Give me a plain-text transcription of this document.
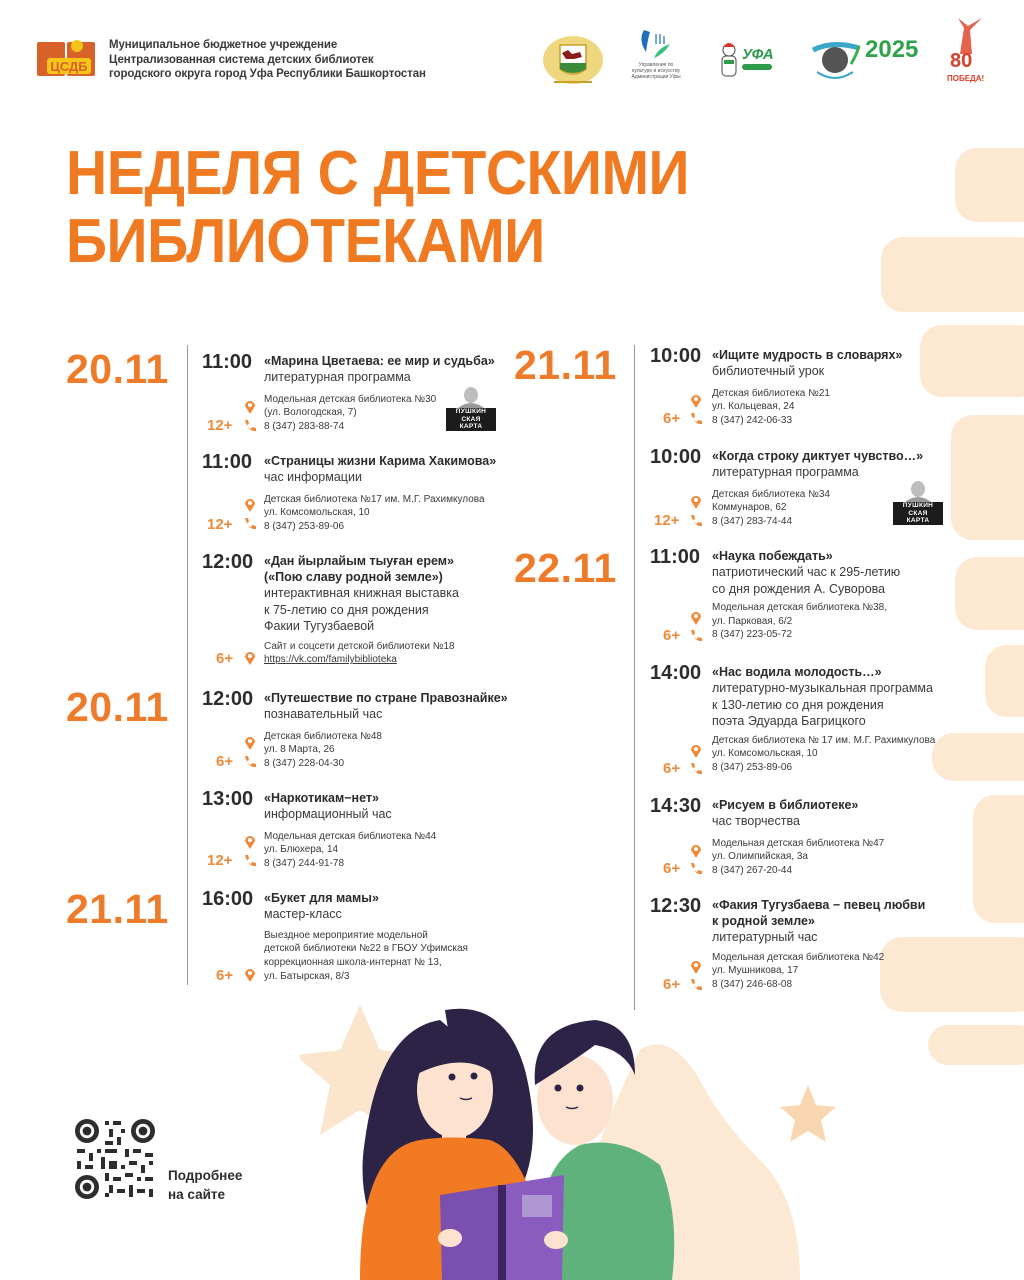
ЦСДБ
Муниципальное бюджетное учреждение
Централизованная система детских библиотек
городского округа город Уфа Республики Башкортостан
Управление по
культуре и искусству
Администрации Уфы
УФА	2025 80
ПОБЕДА!
НЕДЕЛЯ С ДЕТСКИМИ
БИБЛИОТЕКАМИ
20.11
20.11
21.11
11:00 «Марина Цветаева: ее мир и судьба»
литературная программа
Модельная детская библиотека №30
(ул. Вологодская, 7)
8 (347) 283-88-74
12+
11:00 «Страницы жизни Карима Хакимова»
час информации
Детская библиотека №17 им. М.Г. Рахимкулова
ул. Комсомольская, 10
8 (347) 253-89-06
12+
12:00 «Дан йырлайым тыуған ерем»
(«Пою славу родной земле»)
интерактивная книжная выставка
к 75-летию со дня рождения
Факии Тугузбаевой
Сайт и соцсети детской библиотеки №18
https://vk.com/familybiblioteka
6+
12:00 «Путешествие по стране Правознайке»
познавательный час
Детская библиотека №48
ул. 8 Марта, 26
8 (347) 228-04-30
6+
13:00 «Наркотикам−нет»
информационный час
Модельная детская библиотека №44
ул. Блюхера, 14
8 (347) 244-91-78
12+
16:00 «Букет для мамы»
мастер-класс
Выездное мероприятие модельной
детской библиотеки №22 в ГБОУ Уфимская
коррекционная школа-интернат № 13,
ул. Батырская, 8/3
6+
21.11
22.11
10:00 «Ищите мудрость в словарях»
библиотечный урок
Детская библиотека №21
ул. Кольцевая, 24
8 (347) 242-06-33
6+
10:00 «Когда строку диктует чувство…»
литературная программа
Детская библиотека №34
Коммунаров, 62
8 (347) 283-74-44
12+
11:00 «Наука побеждать»
патриотический час к 295-летию
со дня рождения А. Суворова
Модельная детская библиотека №38,
ул. Парковая, 6/2
8 (347) 223-05-72
6+
14:00 «Нас водила молодость…»
литературно-музыкальная программа
к 130-летию со дня рождения
поэта Эдуарда Багрицкого
Детская библиотека № 17 им. М.Г. Рахимкулова
ул. Комсомольская, 10
8 (347) 253-89-06
6+
14:30 «Рисуем в библиотеке»
час творчества
Модельная детская библиотека №47
ул. Олимпийская, 3а
8 (347) 267-20-44
6+
12:30 «Факия Тугузбаева − певец любви
к родной земле»
литературный час
Модельная детская библиотека №42
ул. Мушникова, 17
8 (347) 246-68-08
6+
ПУШКИН
СКАЯ
КАРТА
ПУШКИН
СКАЯ
КАРТА
Подробнее
на сайте
